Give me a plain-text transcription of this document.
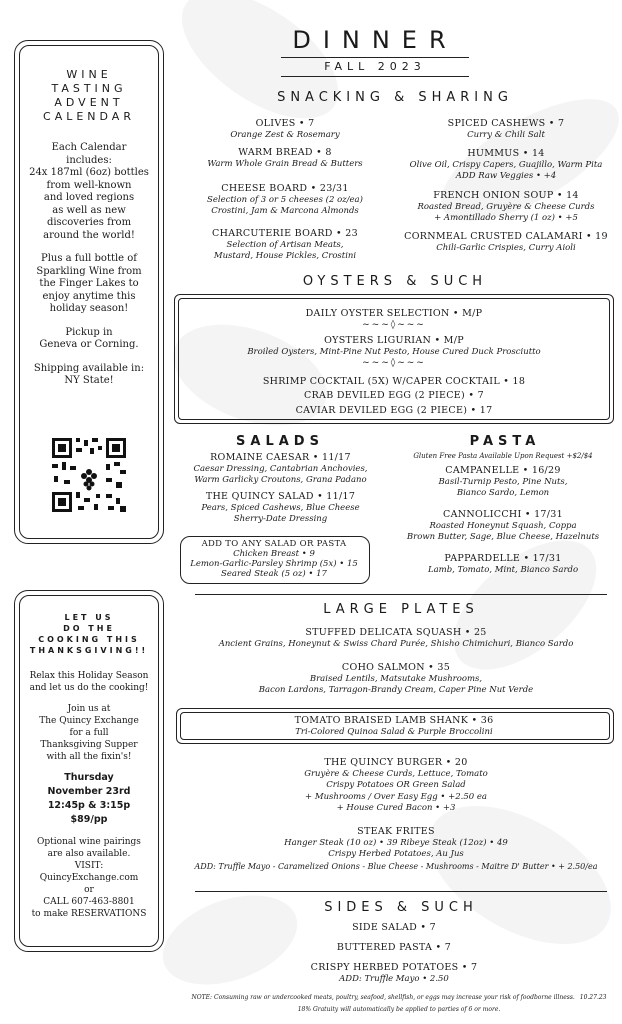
DINNER
FALL 2023
WINE
TASTING
ADVENT
CALENDAR
Each Calendar
includes:
24x 187ml (6oz) bottles
from well-known
and loved regions
as well as new
discoveries from
around the world!
Plus a full bottle of
Sparkling Wine from
the Finger Lakes to
enjoy anytime this
holiday season!
Pickup in
Geneva or Corning.
Shipping available in:
NY State!
LET US
DO THE
COOKING THIS
THANKSGIVING!!
Relax this Holiday Season
and let us do the cooking!
Join us at
The Quincy Exchange
for a full
Thanksgiving Supper
with all the fixin's!
Thursday
November 23rd
12:45p & 3:15p
$89/pp
Optional wine pairings
are also available.
VISIT:
QuincyExchange.com
or
CALL 607-463-8801
to make RESERVATIONS
SNACKING & SHARING
OLIVES • 7
Orange Zest & Rosemary
WARM BREAD • 8
Warm Whole Grain Bread & Butters
CHEESE BOARD • 23/31
Selection of 3 or 5 cheeses (2 oz/ea)
Crostini, Jam & Marcona Almonds
CHARCUTERIE BOARD • 23
Selection of Artisan Meats,
Mustard, House Pickles, Crostini
SPICED CASHEWS • 7
Curry & Chili Salt
HUMMUS • 14
Olive Oil, Crispy Capers, Guajillo, Warm Pita
ADD Raw Veggies • +4
FRENCH ONION SOUP • 14
Roasted Bread, Gruyère & Cheese Curds
+ Amontillado Sherry (1 oz) • +5
CORNMEAL CRUSTED CALAMARI • 19
Chili-Garlic Crispies, Curry Aioli
OYSTERS & SUCH
DAILY OYSTER SELECTION • M/P
~~~◊~~~
OYSTERS LIGURIAN • M/P
Broiled Oysters, Mint-Pine Nut Pesto, House Cured Duck Prosciutto
~~~◊~~~
SHRIMP COCKTAIL (5X) W/CAPER COCKTAIL • 18
CRAB DEVILED EGG (2 PIECE) • 7
CAVIAR DEVILED EGG (2 PIECE) • 17
SALADS
ROMAINE CAESAR • 11/17
Caesar Dressing, Cantabrian Anchovies,
Warm Garlicky Croutons, Grana Padano
THE QUINCY SALAD • 11/17
Pears, Spiced Cashews, Blue Cheese
Sherry-Date Dressing
ADD TO ANY SALAD OR PASTA
Chicken Breast • 9
Lemon-Garlic-Parsley Shrimp (5x) • 15
Seared Steak (5 oz) • 17
PASTA
Gluten Free Pasta Available Upon Request +$2/$4
CAMPANELLE • 16/29
Basil-Turnip Pesto, Pine Nuts,
Bianco Sardo, Lemon
CANNOLICCHI • 17/31
Roasted Honeynut Squash, Coppa
Brown Butter, Sage, Blue Cheese, Hazelnuts
PAPPARDELLE • 17/31
Lamb, Tomato, Mint, Bianco Sardo
LARGE PLATES
STUFFED DELICATA SQUASH • 25
Ancient Grains, Honeynut & Swiss Chard Purée, Shisho Chimichuri, Bianco Sardo
COHO SALMON • 35
Braised Lentils, Matsutake Mushrooms,
Bacon Lardons, Tarragon-Brandy Cream, Caper Pine Nut Verde
TOMATO BRAISED LAMB SHANK • 36
Tri-Colored Quinoa Salad & Purple Broccolini
THE QUINCY BURGER • 20
Gruyère & Cheese Curds, Lettuce, Tomato
Crispy Potatoes OR Green Salad
+ Mushrooms / Over Easy Egg • +2.50 ea
+ House Cured Bacon • +3
STEAK FRITES
Hanger Steak (10 oz) • 39 Ribeye Steak (12oz) • 49
Crispy Herbed Potatoes, Au Jus
ADD: Truffle Mayo - Caramelized Onions - Blue Cheese - Mushrooms - Maitre D' Butter • + 2.50/ea
SIDES & SUCH
SIDE SALAD • 7
BUTTERED PASTA • 7
CRISPY HERBED POTATOES • 7
ADD: Truffle Mayo • 2.50
NOTE: Consuming raw or undercooked meats, poultry, seafood, shellfish, or eggs may increase your risk of foodborne illness. 10.27.23
18% Gratuity will automatically be applied to parties of 6 or more.
